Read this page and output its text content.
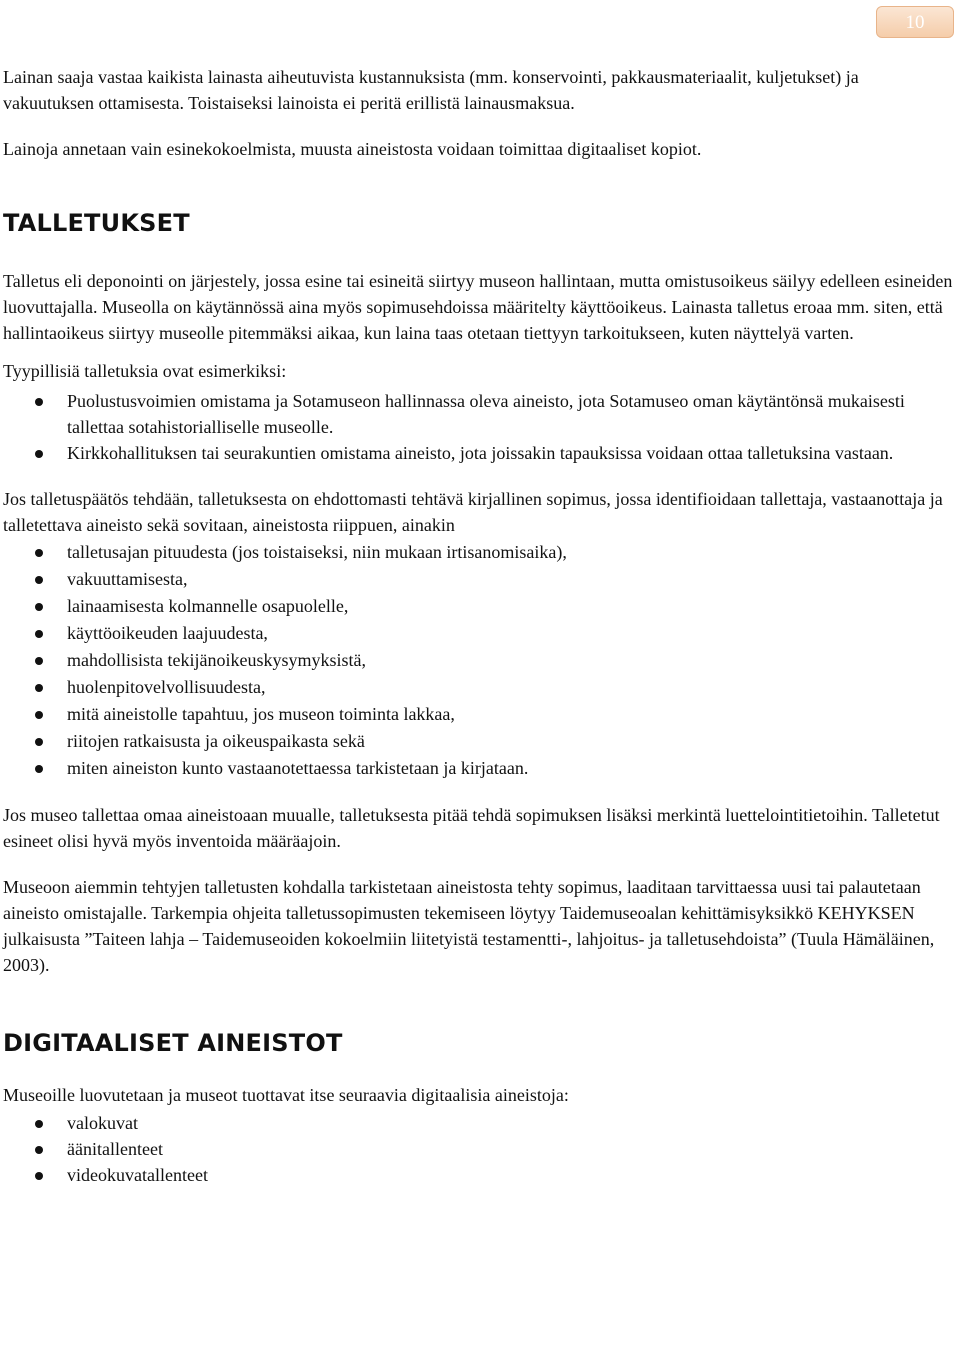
10

Lainan saaja vastaa kaikista lainasta aiheutuvista kustannuksista (mm. konservointi, pakkausmateriaalit, kuljetukset) ja vakuutuksen ottamisesta. Toistaiseksi lainoista ei peritä erillistä lainausmaksua.

Lainoja annetaan vain esinekokoelmista, muusta aineistosta voidaan toimittaa digitaaliset kopiot.

TALLETUKSET

Talletus eli deponointi on järjestely, jossa esine tai esineitä siirtyy museon hallintaan, mutta omistusoikeus säilyy edelleen esineiden luovuttajalla. Museolla on käytännössä aina myös sopimusehdoissa määritelty käyttöoikeus. Lainasta talletus eroaa mm. siten, että hallintaoikeus siirtyy museolle pitemmäksi aikaa, kun laina taas otetaan tiettyyn tarkoitukseen, kuten näyttelyä varten.

Tyypillisiä talletuksia ovat esimerkiksi:

Puolustusvoimien omistama ja Sotamuseon hallinnassa oleva aineisto, jota Sotamuseo oman käytäntönsä mukaisesti tallettaa sotahistorialliselle museolle.
Kirkkohallituksen tai seurakuntien omistama aineisto, jota joissakin tapauksissa voidaan ottaa talletuksina vastaan.

Jos talletuspäätös tehdään, talletuksesta on ehdottomasti tehtävä kirjallinen sopimus, jossa identifioidaan tallettaja, vastaanottaja ja talletettava aineisto sekä sovitaan, aineistosta riippuen, ainakin

talletusajan pituudesta (jos toistaiseksi, niin mukaan irtisanomisaika),
vakuuttamisesta,
lainaamisesta kolmannelle osapuolelle,
käyttöoikeuden laajuudesta,
mahdollisista tekijänoikeuskysymyksistä,
huolenpitovelvollisuudesta,
mitä aineistolle tapahtuu, jos museon toiminta lakkaa,
riitojen ratkaisusta ja oikeuspaikasta sekä
miten aineiston kunto vastaanotettaessa tarkistetaan ja kirjataan.

Jos museo tallettaa omaa aineistoaan muualle, talletuksesta pitää tehdä sopimuksen lisäksi merkintä luettelointitietoihin. Talletetut esineet olisi hyvä myös inventoida määräajoin.

Museoon aiemmin tehtyjen talletusten kohdalla tarkistetaan aineistosta tehty sopimus, laaditaan tarvittaessa uusi tai palautetaan aineisto omistajalle. Tarkempia ohjeita talletussopimusten tekemiseen löytyy Taidemuseoalan kehittämisyksikkö KEHYKSEN julkaisusta ”Taiteen lahja – Taidemuseoiden kokoelmiin liitetyistä testamentti-, lahjoitus- ja talletusehdoista” (Tuula Hämäläinen, 2003).

DIGITAALISET AINEISTOT

Museoille luovutetaan ja museot tuottavat itse seuraavia digitaalisia aineistoja:

valokuvat
äänitallenteet
videokuvatallenteet
